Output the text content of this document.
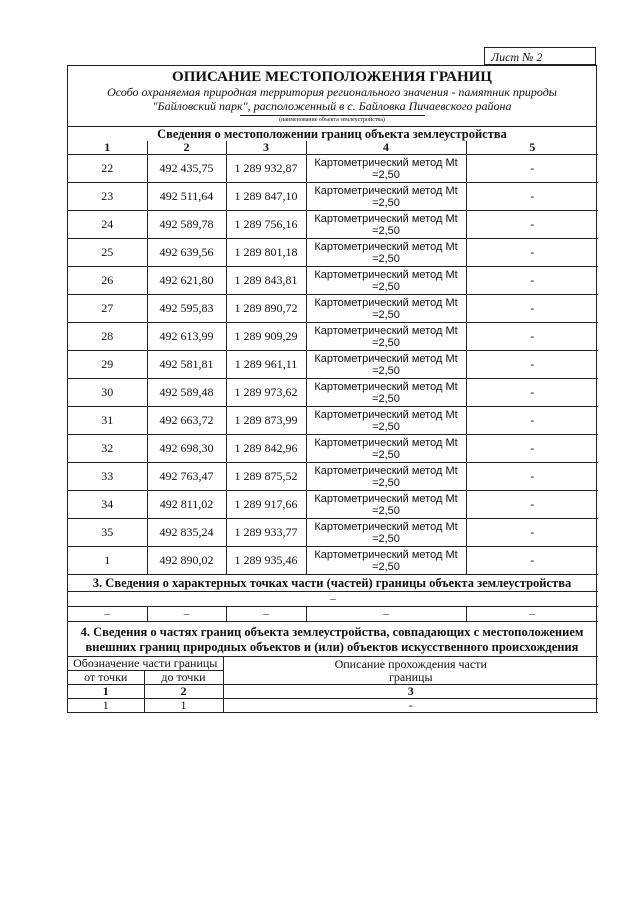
Лист № 2
ОПИСАНИЕ МЕСТОПОЛОЖЕНИЯ ГРАНИЦ
Особо охраняемая природная территория регионального значения - памятник природы
"Байловский парк", расположенный в с. Байловка Пичаевского района
(наименование объекта землеустройства)
Сведения о местоположении границ объекта землеустройства
1	2	3	4	5
22	492 435,75	1 289 932,87	Картометрический метод Mt =2,50	-
23	492 511,64	1 289 847,10	Картометрический метод Mt =2,50	-
24	492 589,78	1 289 756,16	Картометрический метод Mt =2,50	-
25	492 639,56	1 289 801,18	Картометрический метод Mt =2,50	-
26	492 621,80	1 289 843,81	Картометрический метод Mt =2,50	-
27	492 595,83	1 289 890,72	Картометрический метод Mt =2,50	-
28	492 613,99	1 289 909,29	Картометрический метод Mt =2,50	-
29	492 581,81	1 289 961,11	Картометрический метод Mt =2,50	-
30	492 589,48	1 289 973,62	Картометрический метод Mt =2,50	-
31	492 663,72	1 289 873,99	Картометрический метод Mt =2,50	-
32	492 698,30	1 289 842,96	Картометрический метод Mt =2,50	-
33	492 763,47	1 289 875,52	Картометрический метод Mt =2,50	-
34	492 811,02	1 289 917,66	Картометрический метод Mt =2,50	-
35	492 835,24	1 289 933,77	Картометрический метод Mt =2,50	-
1	492 890,02	1 289 935,46	Картометрический метод Mt =2,50	-
3. Сведения о характерных точках части (частей) границы объекта землеустройства
–
–	–	–	–	–
4. Сведения о частях границ объекта землеустройства, совпадающих с местоположением внешних границ природных объектов и (или) объектов искусственного происхождения
Обозначение части границы		Описание прохождения части границы
от точки	до точки	
1	2	3
1	1	-
